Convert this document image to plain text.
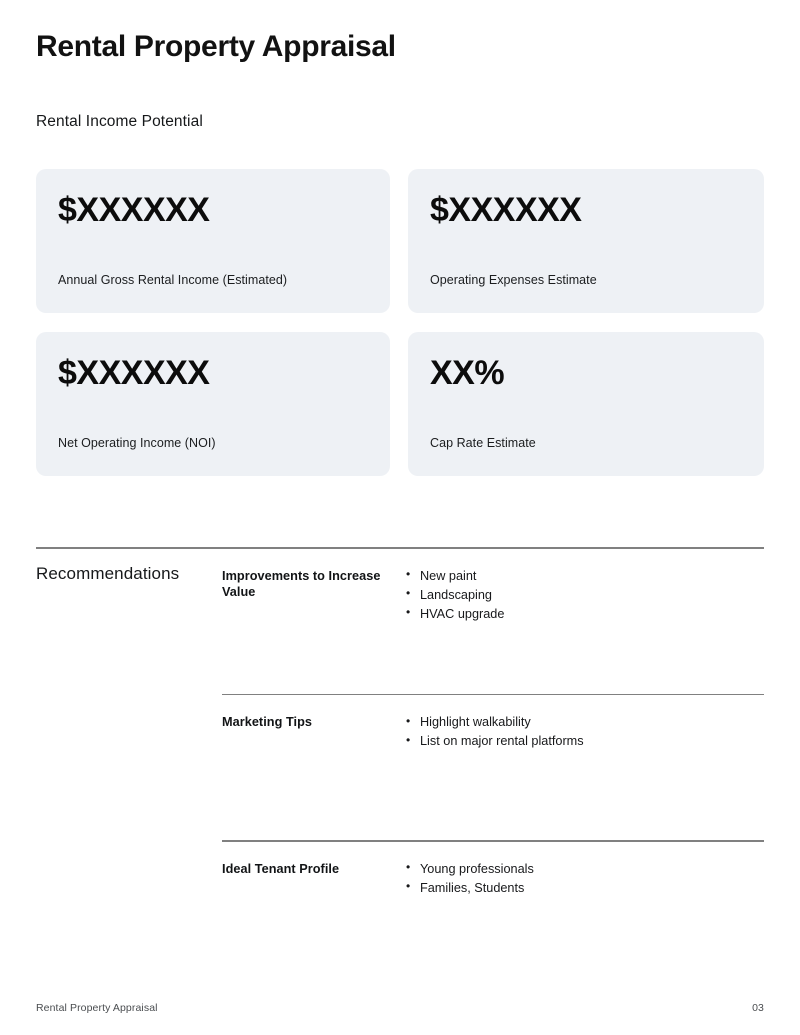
Rental Property Appraisal
Rental Income Potential
$XXXXXX
Annual Gross Rental Income (Estimated)
$XXXXXX
Operating Expenses Estimate
$XXXXXX
Net Operating Income (NOI)
XX%
Cap Rate Estimate
Recommendations	Improvements to Increase Value
• New paint
• Landscaping
• HVAC upgrade
Marketing Tips	• Highlight walkability
• List on major rental platforms
Ideal Tenant Profile	• Young professionals
• Families, Students
Rental Property Appraisal	03
